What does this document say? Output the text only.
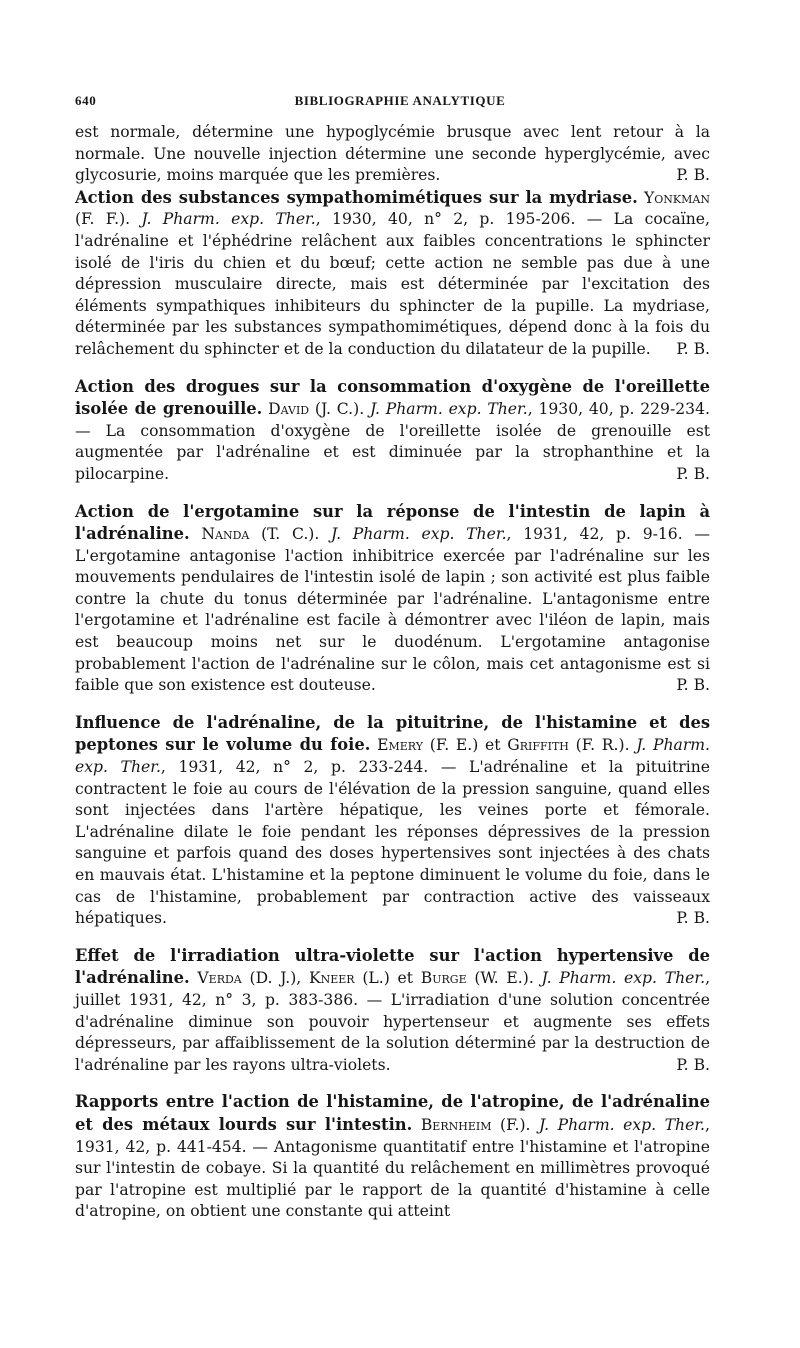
640	BIBLIOGRAPHIE ANALYTIQUE

est normale, détermine une hypoglycémie brusque avec lent retour à la normale. Une nouvelle injection détermine une seconde hyperglycémie, avec glycosurie, moins marquée que les premières.	P. B.

Action des substances sympathomimétiques sur la mydriase. Yonkman (F. F.). J. Pharm. exp. Ther., 1930, 40, n° 2, p. 195-206. — La cocaïne, l'adrénaline et l'éphédrine relâchent aux faibles concentrations le sphincter isolé de l'iris du chien et du bœuf; cette action ne semble pas due à une dépression musculaire directe, mais est déterminée par l'excitation des éléments sympathiques inhibiteurs du sphincter de la pupille. La mydriase, déterminée par les substances sympathomimétiques, dépend donc à la fois du relâchement du sphincter et de la conduction du dilatateur de la pupille.	P. B.

Action des drogues sur la consommation d'oxygène de l'oreillette isolée de grenouille. David (J. C.). J. Pharm. exp. Ther., 1930, 40, p. 229-234. — La consommation d'oxygène de l'oreillette isolée de grenouille est augmentée par l'adrénaline et est diminuée par la strophanthine et la pilocarpine.	P. B.

Action de l'ergotamine sur la réponse de l'intestin de lapin à l'adrénaline. Nanda (T. C.). J. Pharm. exp. Ther., 1931, 42, p. 9-16. — L'ergotamine antagonise l'action inhibitrice exercée par l'adrénaline sur les mouvements pendulaires de l'intestin isolé de lapin ; son activité est plus faible contre la chute du tonus déterminée par l'adrénaline. L'antagonisme entre l'ergotamine et l'adrénaline est facile à démontrer avec l'iléon de lapin, mais est beaucoup moins net sur le duodénum. L'ergotamine antagonise probablement l'action de l'adrénaline sur le côlon, mais cet antagonisme est si faible que son existence est douteuse.	P. B.

Influence de l'adrénaline, de la pituitrine, de l'histamine et des peptones sur le volume du foie. Emery (F. E.) et Griffith (F. R.). J. Pharm. exp. Ther., 1931, 42, n° 2, p. 233-244. — L'adrénaline et la pituitrine contractent le foie au cours de l'élévation de la pression sanguine, quand elles sont injectées dans l'artère hépatique, les veines porte et fémorale. L'adrénaline dilate le foie pendant les réponses dépressives de la pression sanguine et parfois quand des doses hypertensives sont injectées à des chats en mauvais état. L'histamine et la peptone diminuent le volume du foie, dans le cas de l'histamine, probablement par contraction active des vaisseaux hépatiques.	P. B.

Effet de l'irradiation ultra-violette sur l'action hypertensive de l'adrénaline. Verda (D. J.), Kneer (L.) et Burge (W. E.). J. Pharm. exp. Ther., juillet 1931, 42, n° 3, p. 383-386. — L'irradiation d'une solution concentrée d'adrénaline diminue son pouvoir hypertenseur et augmente ses effets dépresseurs, par affaiblissement de la solution déterminé par la destruction de l'adrénaline par les rayons ultra-violets.	P. B.

Rapports entre l'action de l'histamine, de l'atropine, de l'adrénaline et des métaux lourds sur l'intestin. Bernheim (F.). J. Pharm. exp. Ther., 1931, 42, p. 441-454. — Antagonisme quantitatif entre l'histamine et l'atropine sur l'intestin de cobaye. Si la quantité du relâchement en millimètres provoqué par l'atropine est multiplié par le rapport de la quantité d'histamine à celle d'atropine, on obtient une constante qui atteint
